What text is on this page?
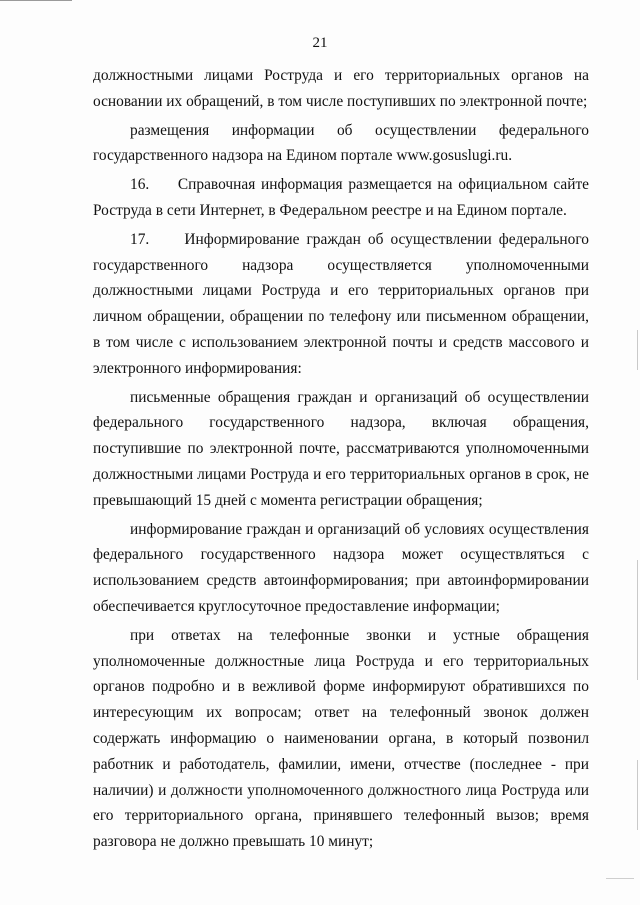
21

должностными лицами Роструда и его территориальных органов на основании их обращений, в том числе поступивших по электронной почте;

размещения информации об осуществлении федерального государственного надзора на Едином портале www.gosuslugi.ru.

16.     Справочная информация размещается на официальном сайте Роструда в сети Интернет, в Федеральном реестре и на Едином портале.

17.     Информирование граждан об осуществлении федерального государственного надзора осуществляется уполномоченными должностными лицами Роструда и его территориальных органов при личном обращении, обращении по телефону или письменном обращении, в том числе с использованием электронной почты и средств массового и электронного информирования:

письменные обращения граждан и организаций об осуществлении федерального государственного надзора, включая обращения, поступившие по электронной почте, рассматриваются уполномоченными должностными лицами Роструда и его территориальных органов в срок, не превышающий 15 дней с момента регистрации обращения;

информирование граждан и организаций об условиях осуществления федерального государственного надзора может осуществляться с использованием средств автоинформирования; при автоинформировании обеспечивается круглосуточное предоставление информации;

при ответах на телефонные звонки и устные обращения уполномоченные должностные лица Роструда и его территориальных органов подробно и в вежливой форме информируют обратившихся по интересующим их вопросам; ответ на телефонный звонок должен содержать информацию о наименовании органа, в который позвонил работник и работодатель, фамилии, имени, отчестве (последнее - при наличии) и должности уполномоченного должностного лица Роструда или его территориального органа, принявшего телефонный вызов; время разговора не должно превышать 10 минут;
